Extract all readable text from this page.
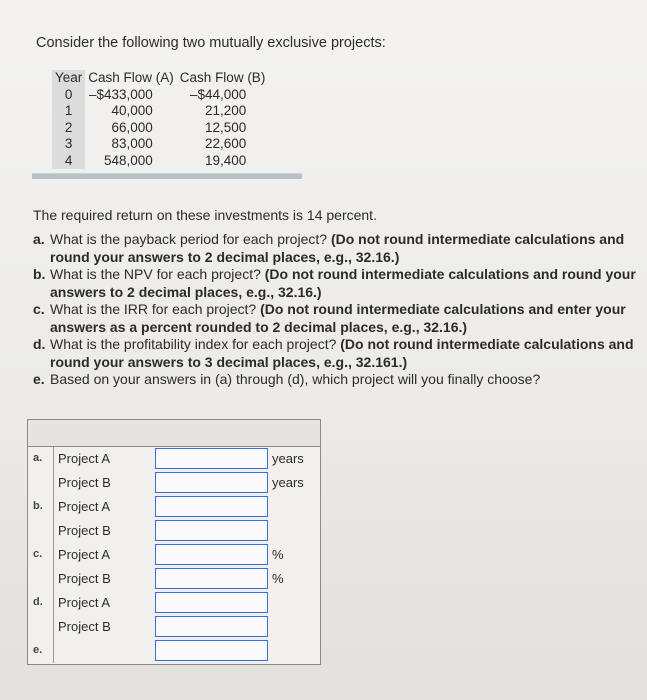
Consider the following two mutually exclusive projects:
Year	Cash Flow (A)	Cash Flow (B)
0	–$433,000	–$44,000
1	40,000	21,200
2	66,000	12,500
3	83,000	22,600
4	548,000	19,400
The required return on these investments is 14 percent.
a. What is the payback period for each project? (Do not round intermediate calculations and round your answers to 2 decimal places, e.g., 32.16.)
b. What is the NPV for each project? (Do not round intermediate calculations and round your answers to 2 decimal places, e.g., 32.16.)
c. What is the IRR for each project? (Do not round intermediate calculations and enter your answers as a percent rounded to 2 decimal places, e.g., 32.16.)
d. What is the profitability index for each project? (Do not round intermediate calculations and round your answers to 3 decimal places, e.g., 32.161.)
e. Based on your answers in (a) through (d), which project will you finally choose?
a.	Project A	years
Project B	years
b.	Project A
Project B
c.	Project A	%
Project B	%
d.	Project A
Project B
e.
